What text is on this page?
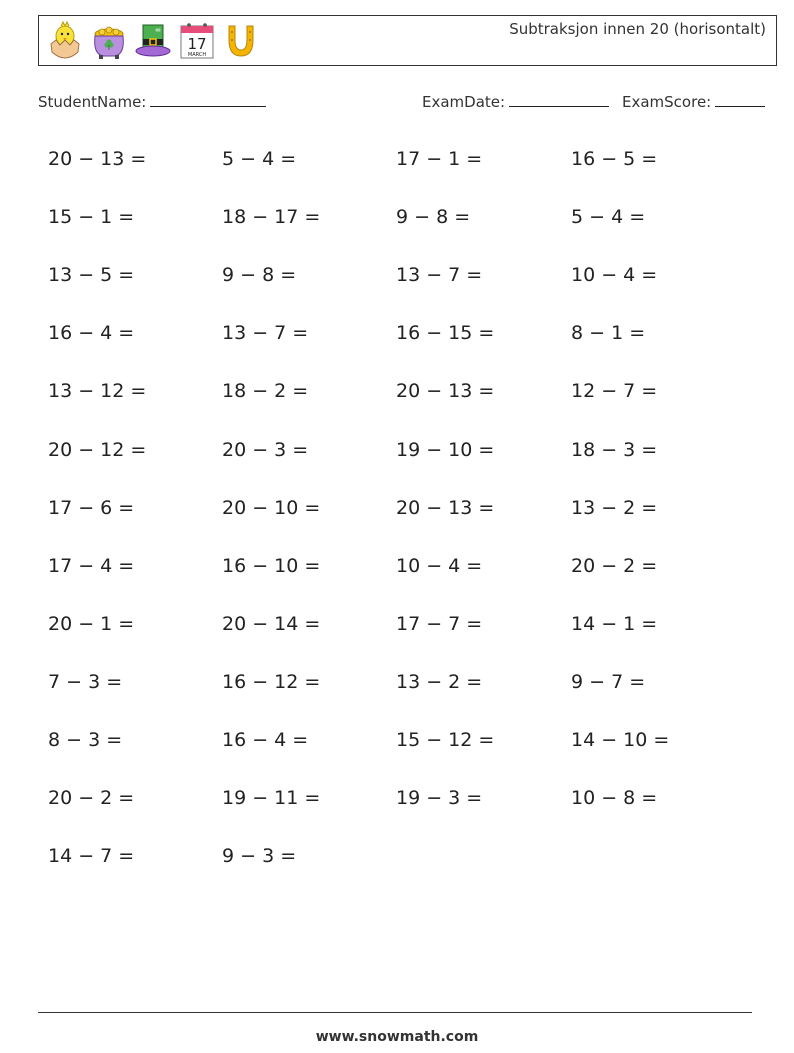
17
MARCH
Subtraksjon innen 20 (horisontalt)
StudentName:	ExamDate:	ExamScore:
20 − 13 =	5 − 4 =	17 − 1 =	16 − 5 =
15 − 1 =	18 − 17 =	9 − 8 =	5 − 4 =
13 − 5 =	9 − 8 =	13 − 7 =	10 − 4 =
16 − 4 =	13 − 7 =	16 − 15 =	8 − 1 =
13 − 12 =	18 − 2 =	20 − 13 =	12 − 7 =
20 − 12 =	20 − 3 =	19 − 10 =	18 − 3 =
17 − 6 =	20 − 10 =	20 − 13 =	13 − 2 =
17 − 4 =	16 − 10 =	10 − 4 =	20 − 2 =
20 − 1 =	20 − 14 =	17 − 7 =	14 − 1 =
7 − 3 =	16 − 12 =	13 − 2 =	9 − 7 =
8 − 3 =	16 − 4 =	15 − 12 =	14 − 10 =
20 − 2 =	19 − 11 =	19 − 3 =	10 − 8 =
14 − 7 =	9 − 3 =
www.snowmath.com
